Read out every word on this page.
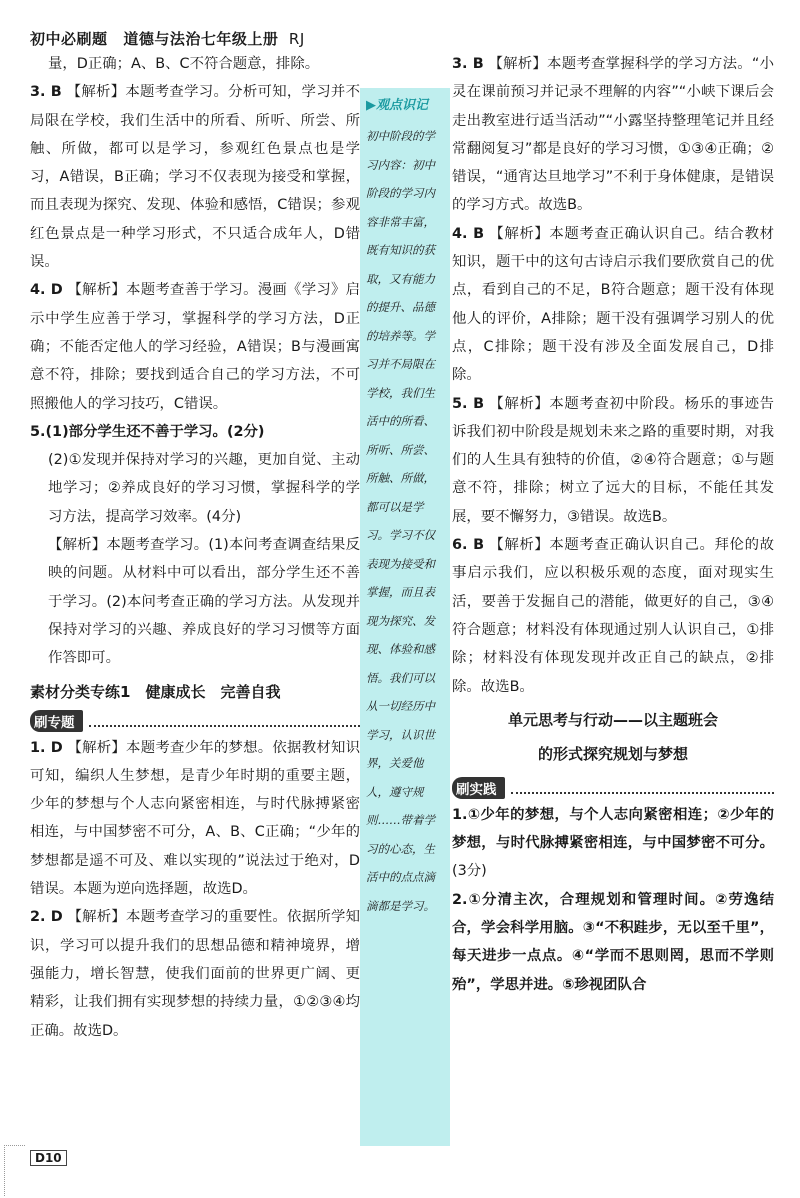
初中必刷题 道德与法治七年级上册 RJ

量，D正确；A、B、C不符合题意，排除。

3. B 【解析】本题考查学习。分析可知，学习并不局限在学校，我们生活中的所看、所听、所尝、所触、所做，都可以是学习，参观红色景点也是学习，A错误，B正确；学习不仅表现为接受和掌握，而且表现为探究、发现、体验和感悟，C错误；参观红色景点是一种学习形式，不只适合成年人，D错误。

4. D 【解析】本题考查善于学习。漫画《学习》启示中学生应善于学习，掌握科学的学习方法，D正确；不能否定他人的学习经验，A错误；B与漫画寓意不符，排除；要找到适合自己的学习方法，不可照搬他人的学习技巧，C错误。

5.(1)部分学生还不善于学习。(2分)

(2)①发现并保持对学习的兴趣，更加自觉、主动地学习；②养成良好的学习习惯，掌握科学的学习方法，提高学习效率。(4分)

【解析】本题考查学习。(1)本问考查调查结果反映的问题。从材料中可以看出，部分学生还不善于学习。(2)本问考查正确的学习方法。从发现并保持对学习的兴趣、养成良好的学习习惯等方面作答即可。

素材分类专练1　健康成长　完善自我
刷专题

1. D 【解析】本题考查少年的梦想。依据教材知识可知，编织人生梦想，是青少年时期的重要主题，少年的梦想与个人志向紧密相连，与时代脉搏紧密相连，与中国梦密不可分，A、B、C正确；“少年的梦想都是遥不可及、难以实现的”说法过于绝对，D错误。本题为逆向选择题，故选D。

2. D 【解析】本题考查学习的重要性。依据所学知识，学习可以提升我们的思想品德和精神境界，增强能力，增长智慧，使我们面前的世界更广阔、更精彩，让我们拥有实现梦想的持续力量，①②③④均正确。故选D。

▶观点识记
初中阶段的学习内容：初中阶段的学习内容非常丰富，既有知识的获取，又有能力的提升、品德的培养等。学习并不局限在学校，我们生活中的所看、所听、所尝、所触、所做，都可以是学习。学习不仅表现为接受和掌握，而且表现为探究、发现、体验和感悟。我们可以从一切经历中学习，认识世界，关爱他人，遵守规则……带着学习的心态，生活中的点点滴滴都是学习。

3. B 【解析】本题考查掌握科学的学习方法。“小灵在课前预习并记录不理解的内容”“小峡下课后会走出教室进行适当活动”“小露坚持整理笔记并且经常翻阅复习”都是良好的学习习惯，①③④正确；②错误，“通宵达旦地学习”不利于身体健康，是错误的学习方式。故选B。

4. B 【解析】本题考查正确认识自己。结合教材知识，题干中的这句古诗启示我们要欣赏自己的优点，看到自己的不足，B符合题意；题干没有体现他人的评价，A排除；题干没有强调学习别人的优点，C排除；题干没有涉及全面发展自己，D排除。

5. B 【解析】本题考查初中阶段。杨乐的事迹告诉我们初中阶段是规划未来之路的重要时期，对我们的人生具有独特的价值，②④符合题意；①与题意不符，排除；树立了远大的目标，不能任其发展，要不懈努力，③错误。故选B。

6. B 【解析】本题考查正确认识自己。拜伦的故事启示我们，应以积极乐观的态度，面对现实生活，要善于发掘自己的潜能，做更好的自己，③④符合题意；材料没有体现通过别人认识自己，①排除；材料没有体现发现并改正自己的缺点，②排除。故选B。

单元思考与行动——以主题班会
的形式探究规划与梦想
刷实践

1.①少年的梦想，与个人志向紧密相连；②少年的梦想，与时代脉搏紧密相连，与中国梦密不可分。(3分)

2.①分清主次，合理规划和管理时间。②劳逸结合，学会科学用脑。③“不积跬步，无以至千里”，每天进步一点点。④“学而不思则罔，思而不学则殆”，学思并进。⑤珍视团队合

D10
